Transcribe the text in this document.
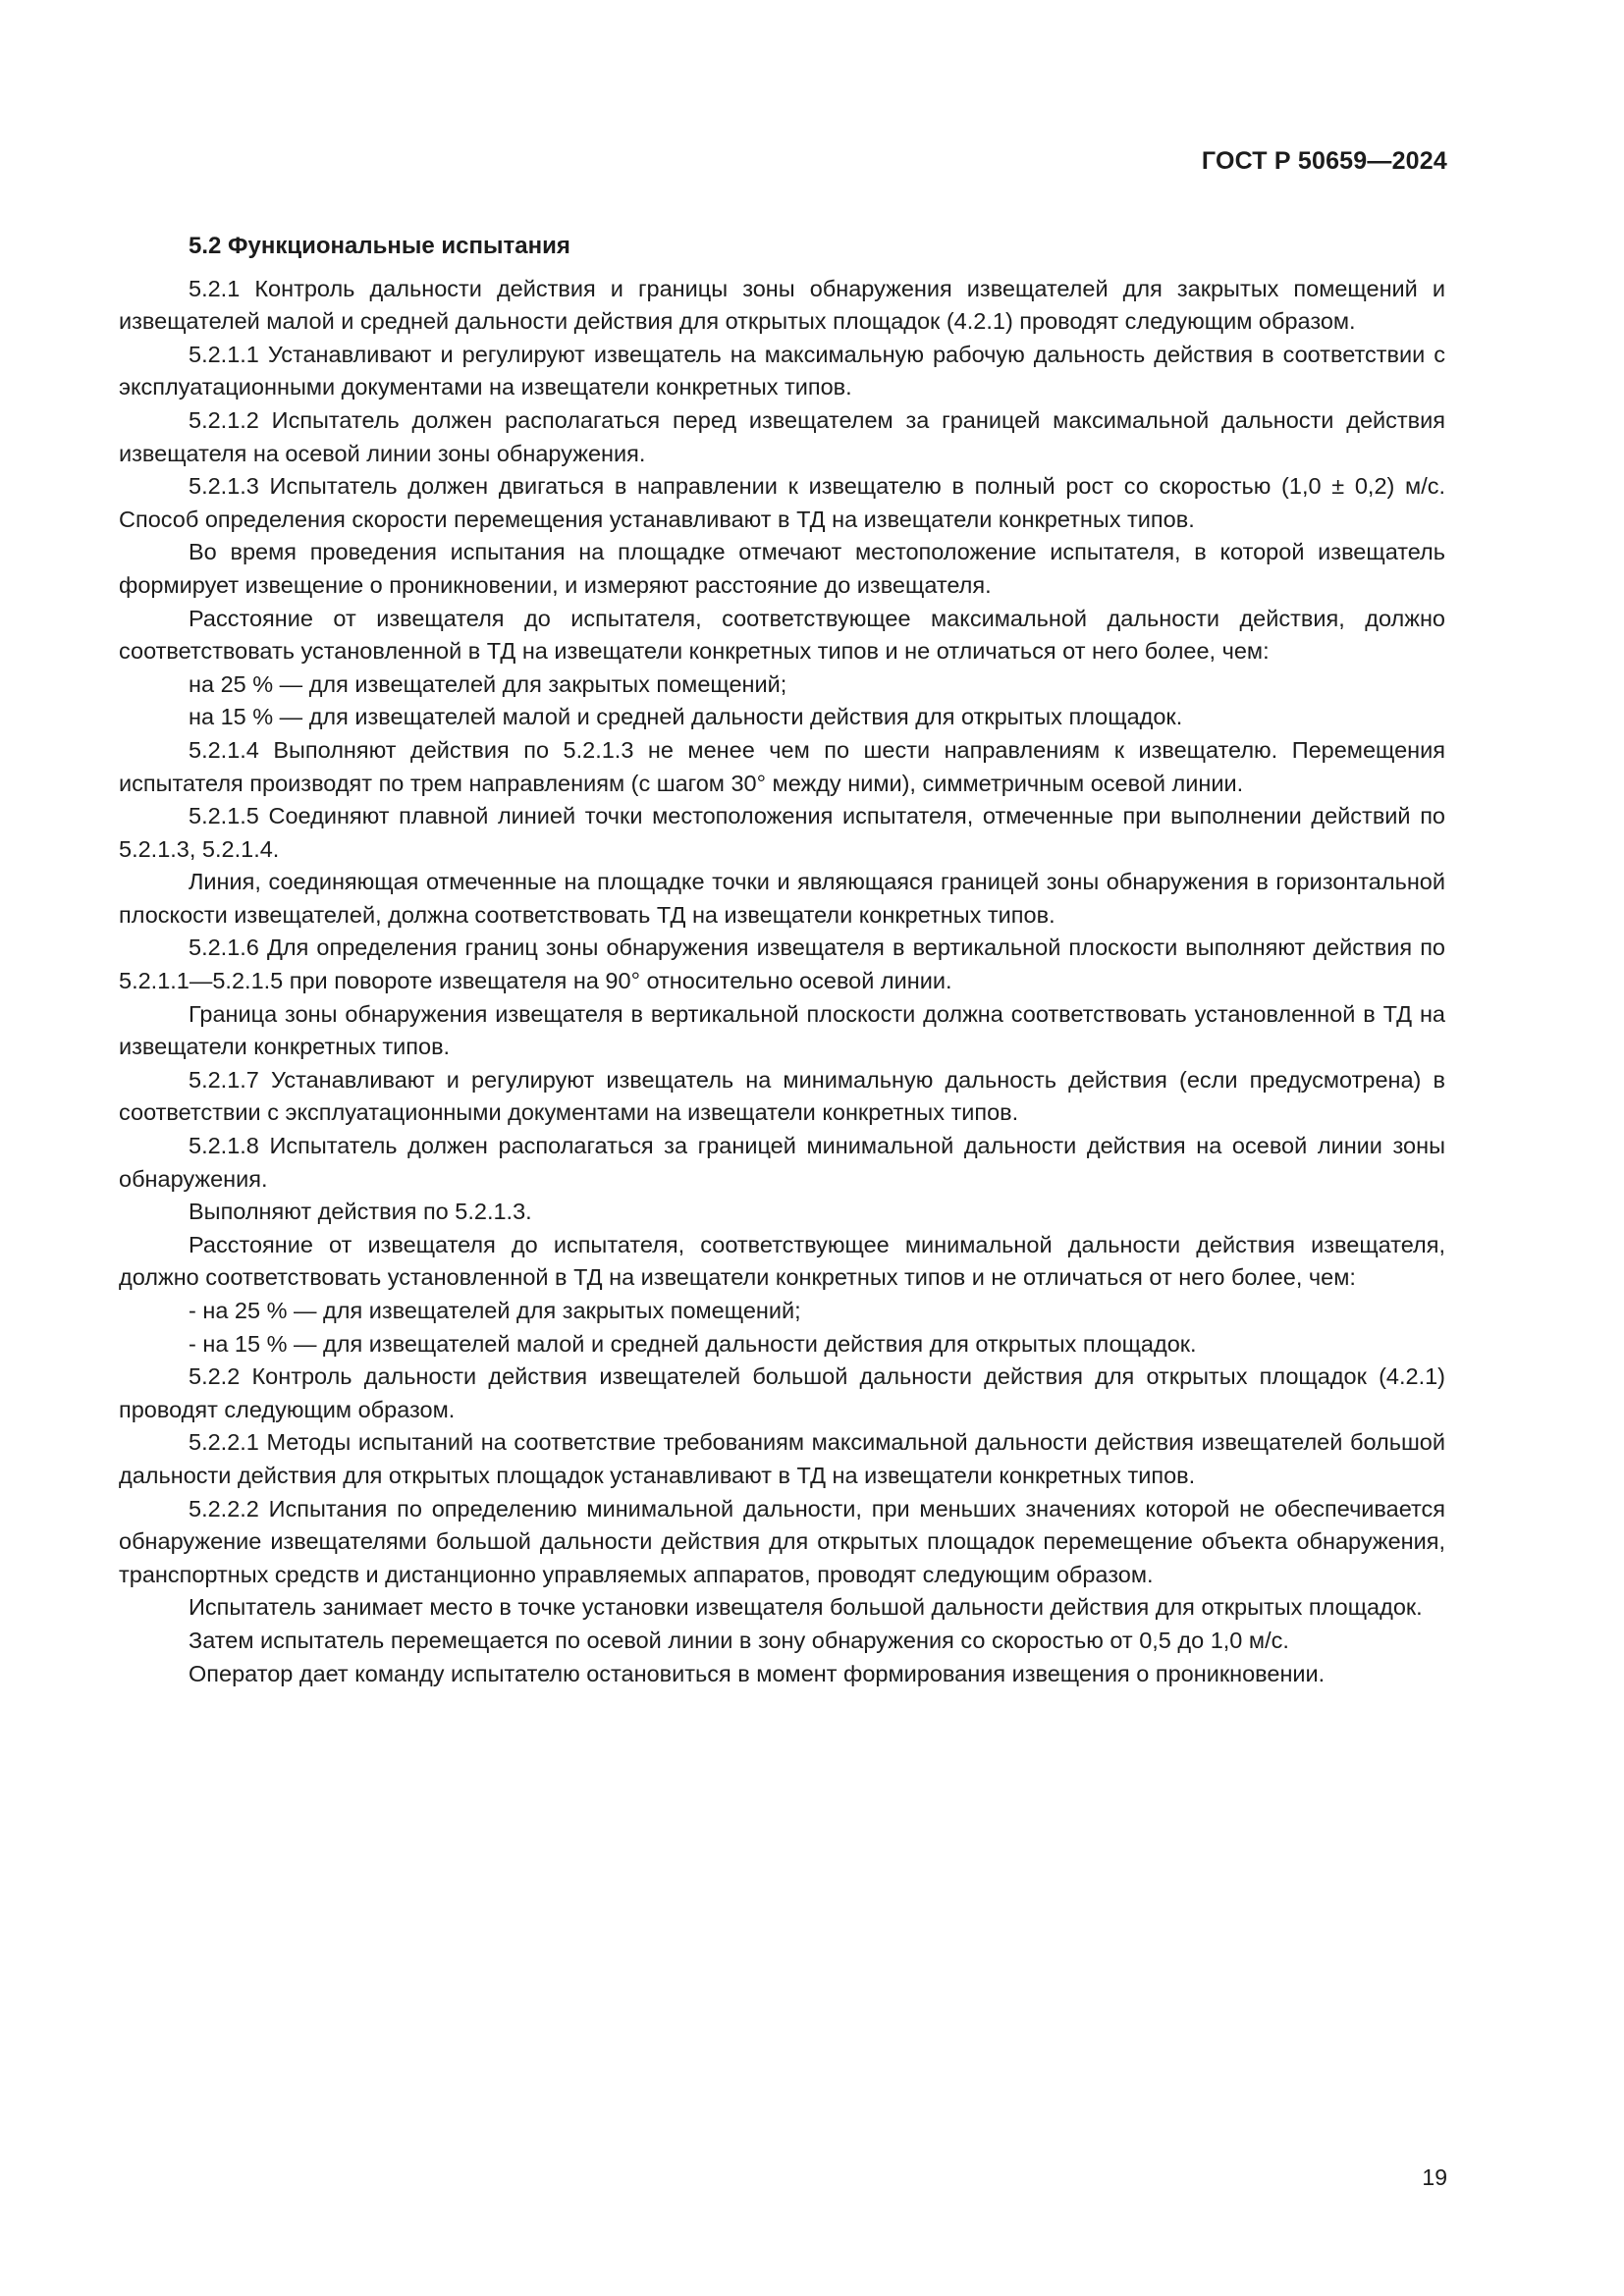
ГОСТ Р 50659—2024
5.2 Функциональные испытания

5.2.1 Контроль дальности действия и границы зоны обнаружения извещателей для закрытых помещений и извещателей малой и средней дальности действия для открытых площадок (4.2.1) проводят следующим образом.

5.2.1.1 Устанавливают и регулируют извещатель на максимальную рабочую дальность действия в соответствии с эксплуатационными документами на извещатели конкретных типов.

5.2.1.2 Испытатель должен располагаться перед извещателем за границей максимальной дальности действия извещателя на осевой линии зоны обнаружения.

5.2.1.3 Испытатель должен двигаться в направлении к извещателю в полный рост со скоростью (1,0 ± 0,2) м/с. Способ определения скорости перемещения устанавливают в ТД на извещатели конкретных типов.

Во время проведения испытания на площадке отмечают местоположение испытателя, в которой извещатель формирует извещение о проникновении, и измеряют расстояние до извещателя.

Расстояние от извещателя до испытателя, соответствующее максимальной дальности действия, должно соответствовать установленной в ТД на извещатели конкретных типов и не отличаться от него более, чем:

на 25 % — для извещателей для закрытых помещений;

на 15 % — для извещателей малой и средней дальности действия для открытых площадок.

5.2.1.4 Выполняют действия по 5.2.1.3 не менее чем по шести направлениям к извещателю. Перемещения испытателя производят по трем направлениям (с шагом 30° между ними), симметричным осевой линии.

5.2.1.5 Соединяют плавной линией точки местоположения испытателя, отмеченные при выполнении действий по 5.2.1.3, 5.2.1.4.

Линия, соединяющая отмеченные на площадке точки и являющаяся границей зоны обнаружения в горизонтальной плоскости извещателей, должна соответствовать ТД на извещатели конкретных типов.

5.2.1.6 Для определения границ зоны обнаружения извещателя в вертикальной плоскости выполняют действия по 5.2.1.1—5.2.1.5 при повороте извещателя на 90° относительно осевой линии.

Граница зоны обнаружения извещателя в вертикальной плоскости должна соответствовать установленной в ТД на извещатели конкретных типов.

5.2.1.7 Устанавливают и регулируют извещатель на минимальную дальность действия (если предусмотрена) в соответствии с эксплуатационными документами на извещатели конкретных типов.

5.2.1.8 Испытатель должен располагаться за границей минимальной дальности действия на осевой линии зоны обнаружения.

Выполняют действия по 5.2.1.3.

Расстояние от извещателя до испытателя, соответствующее минимальной дальности действия извещателя, должно соответствовать установленной в ТД на извещатели конкретных типов и не отличаться от него более, чем:

- на 25 % — для извещателей для закрытых помещений;

- на 15 % — для извещателей малой и средней дальности действия для открытых площадок.

5.2.2 Контроль дальности действия извещателей большой дальности действия для открытых площадок (4.2.1) проводят следующим образом.

5.2.2.1 Методы испытаний на соответствие требованиям максимальной дальности действия извещателей большой дальности действия для открытых площадок устанавливают в ТД на извещатели конкретных типов.

5.2.2.2 Испытания по определению минимальной дальности, при меньших значениях которой не обеспечивается обнаружение извещателями большой дальности действия для открытых площадок перемещение объекта обнаружения, транспортных средств и дистанционно управляемых аппаратов, проводят следующим образом.

Испытатель занимает место в точке установки извещателя большой дальности действия для открытых площадок.

Затем испытатель перемещается по осевой линии в зону обнаружения со скоростью от 0,5 до 1,0 м/с.

Оператор дает команду испытателю остановиться в момент формирования извещения о проникновении.

19
